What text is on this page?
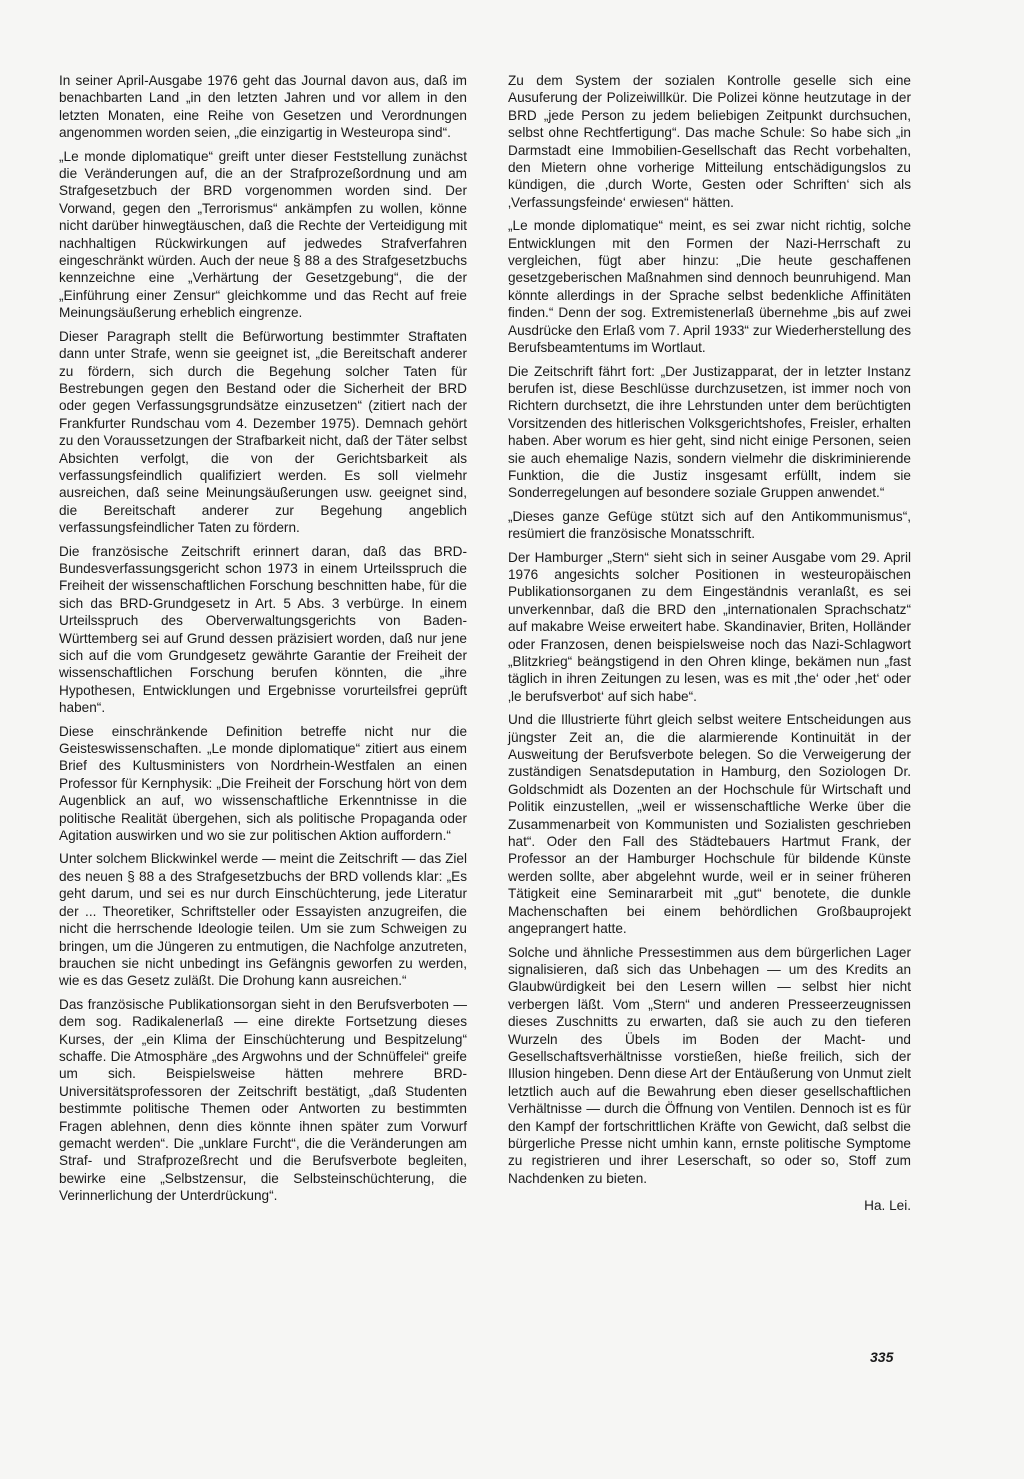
In seiner April-Ausgabe 1976 geht das Journal davon aus, daß im benachbarten Land „in den letzten Jahren und vor allem in den letzten Monaten, eine Reihe von Gesetzen und Verordnungen angenommen worden seien, „die einzigartig in Westeuropa sind“.

„Le monde diplomatique“ greift unter dieser Feststellung zunächst die Veränderungen auf, die an der Strafprozeßordnung und am Strafgesetzbuch der BRD vorgenommen worden sind. Der Vorwand, gegen den „Terrorismus“ ankämpfen zu wollen, könne nicht darüber hinwegtäuschen, daß die Rechte der Verteidigung mit nachhaltigen Rückwirkungen auf jedwedes Strafverfahren eingeschränkt würden. Auch der neue § 88 a des Strafgesetzbuchs kennzeichne eine „Verhärtung der Gesetzgebung“, die der „Einführung einer Zensur“ gleichkomme und das Recht auf freie Meinungsäußerung erheblich eingrenze.

Dieser Paragraph stellt die Befürwortung bestimmter Straftaten dann unter Strafe, wenn sie geeignet ist, „die Bereitschaft anderer zu fördern, sich durch die Begehung solcher Taten für Bestrebungen gegen den Bestand oder die Sicherheit der BRD oder gegen Verfassungsgrundsätze einzusetzen“ (zitiert nach der Frankfurter Rundschau vom 4. Dezember 1975). Demnach gehört zu den Voraussetzungen der Strafbarkeit nicht, daß der Täter selbst Absichten verfolgt, die von der Gerichtsbarkeit als verfassungsfeindlich qualifiziert werden. Es soll vielmehr ausreichen, daß seine Meinungsäußerungen usw. geeignet sind, die Bereitschaft anderer zur Begehung angeblich verfassungsfeindlicher Taten zu fördern.

Die französische Zeitschrift erinnert daran, daß das BRD-Bundesverfassungsgericht schon 1973 in einem Urteilsspruch die Freiheit der wissenschaftlichen Forschung beschnitten habe, für die sich das BRD-Grundgesetz in Art. 5 Abs. 3 verbürge. In einem Urteilsspruch des Oberverwaltungsgerichts von Baden-Württemberg sei auf Grund dessen präzisiert worden, daß nur jene sich auf die vom Grundgesetz gewährte Garantie der Freiheit der wissenschaftlichen Forschung berufen könnten, die „ihre Hypothesen, Entwicklungen und Ergebnisse vorurteilsfrei geprüft haben“.

Diese einschränkende Definition betreffe nicht nur die Geisteswissenschaften. „Le monde diplomatique“ zitiert aus einem Brief des Kultusministers von Nordrhein-Westfalen an einen Professor für Kernphysik: „Die Freiheit der Forschung hört von dem Augenblick an auf, wo wissenschaftliche Erkenntnisse in die politische Realität übergehen, sich als politische Propaganda oder Agitation auswirken und wo sie zur politischen Aktion auffordern.“

Unter solchem Blickwinkel werde — meint die Zeitschrift — das Ziel des neuen § 88 a des Strafgesetzbuchs der BRD vollends klar: „Es geht darum, und sei es nur durch Einschüchterung, jede Literatur der ... Theoretiker, Schriftsteller oder Essayisten anzugreifen, die nicht die herrschende Ideologie teilen. Um sie zum Schweigen zu bringen, um die Jüngeren zu entmutigen, die Nachfolge anzutreten, brauchen sie nicht unbedingt ins Gefängnis geworfen zu werden, wie es das Gesetz zuläßt. Die Drohung kann ausreichen.“

Das französische Publikationsorgan sieht in den Berufsverboten — dem sog. Radikalenerlaß — eine direkte Fortsetzung dieses Kurses, der „ein Klima der Einschüchterung und Bespitzelung“ schaffe. Die Atmosphäre „des Argwohns und der Schnüffelei“ greife um sich. Beispielsweise hätten mehrere BRD-Universitätsprofessoren der Zeitschrift bestätigt, „daß Studenten bestimmte politische Themen oder Antworten zu bestimmten Fragen ablehnen, denn dies könnte ihnen später zum Vorwurf gemacht werden“. Die „unklare Furcht“, die die Veränderungen am Straf- und Strafprozeßrecht und die Berufsverbote begleiten, bewirke eine „Selbstzensur, die Selbsteinschüchterung, die Verinnerlichung der Unterdrückung“.

Zu dem System der sozialen Kontrolle geselle sich eine Ausuferung der Polizeiwillkür. Die Polizei könne heutzutage in der BRD „jede Person zu jedem beliebigen Zeitpunkt durchsuchen, selbst ohne Rechtfertigung“. Das mache Schule: So habe sich „in Darmstadt eine Immobilien-Gesellschaft das Recht vorbehalten, den Mietern ohne vorherige Mitteilung entschädigungslos zu kündigen, die ‚durch Worte, Gesten oder Schriften‘ sich als ‚Verfassungsfeinde‘ erwiesen“ hätten.

„Le monde diplomatique“ meint, es sei zwar nicht richtig, solche Entwicklungen mit den Formen der Nazi-Herrschaft zu vergleichen, fügt aber hinzu: „Die heute geschaffenen gesetzgeberischen Maßnahmen sind dennoch beunruhigend. Man könnte allerdings in der Sprache selbst bedenkliche Affinitäten finden.“ Denn der sog. Extremistenerlaß übernehme „bis auf zwei Ausdrücke den Erlaß vom 7. April 1933“ zur Wiederherstellung des Berufsbeamtentums im Wortlaut.

Die Zeitschrift fährt fort: „Der Justizapparat, der in letzter Instanz berufen ist, diese Beschlüsse durchzusetzen, ist immer noch von Richtern durchsetzt, die ihre Lehrstunden unter dem berüchtigten Vorsitzenden des hitlerischen Volksgerichtshofes, Freisler, erhalten haben. Aber worum es hier geht, sind nicht einige Personen, seien sie auch ehemalige Nazis, sondern vielmehr die diskriminierende Funktion, die die Justiz insgesamt erfüllt, indem sie Sonderregelungen auf besondere soziale Gruppen anwendet.“

„Dieses ganze Gefüge stützt sich auf den Antikommunismus“, resümiert die französische Monatsschrift.

Der Hamburger „Stern“ sieht sich in seiner Ausgabe vom 29. April 1976 angesichts solcher Positionen in westeuropäischen Publikationsorganen zu dem Eingeständnis veranlaßt, es sei unverkennbar, daß die BRD den „internationalen Sprachschatz“ auf makabre Weise erweitert habe. Skandinavier, Briten, Holländer oder Franzosen, denen beispielsweise noch das Nazi-Schlagwort „Blitzkrieg“ beängstigend in den Ohren klinge, bekämen nun „fast täglich in ihren Zeitungen zu lesen, was es mit ‚the‘ oder ‚het‘ oder ‚le berufsverbot‘ auf sich habe“.

Und die Illustrierte führt gleich selbst weitere Entscheidungen aus jüngster Zeit an, die die alarmierende Kontinuität in der Ausweitung der Berufsverbote belegen. So die Verweigerung der zuständigen Senatsdeputation in Hamburg, den Soziologen Dr. Goldschmidt als Dozenten an der Hochschule für Wirtschaft und Politik einzustellen, „weil er wissenschaftliche Werke über die Zusammenarbeit von Kommunisten und Sozialisten geschrieben hat“. Oder den Fall des Städtebauers Hartmut Frank, der Professor an der Hamburger Hochschule für bildende Künste werden sollte, aber abgelehnt wurde, weil er in seiner früheren Tätigkeit eine Seminararbeit mit „gut“ benotete, die dunkle Machenschaften bei einem behördlichen Großbauprojekt angeprangert hatte.

Solche und ähnliche Pressestimmen aus dem bürgerlichen Lager signalisieren, daß sich das Unbehagen — um des Kredits an Glaubwürdigkeit bei den Lesern willen — selbst hier nicht verbergen läßt. Vom „Stern“ und anderen Presseerzeugnissen dieses Zuschnitts zu erwarten, daß sie auch zu den tieferen Wurzeln des Übels im Boden der Macht- und Gesellschaftsverhältnisse vorstießen, hieße freilich, sich der Illusion hingeben. Denn diese Art der Entäußerung von Unmut zielt letztlich auch auf die Bewahrung eben dieser gesellschaftlichen Verhältnisse — durch die Öffnung von Ventilen. Dennoch ist es für den Kampf der fortschrittlichen Kräfte von Gewicht, daß selbst die bürgerliche Presse nicht umhin kann, ernste politische Symptome zu registrieren und ihrer Leserschaft, so oder so, Stoff zum Nachdenken zu bieten.

Ha. Lei.

335
